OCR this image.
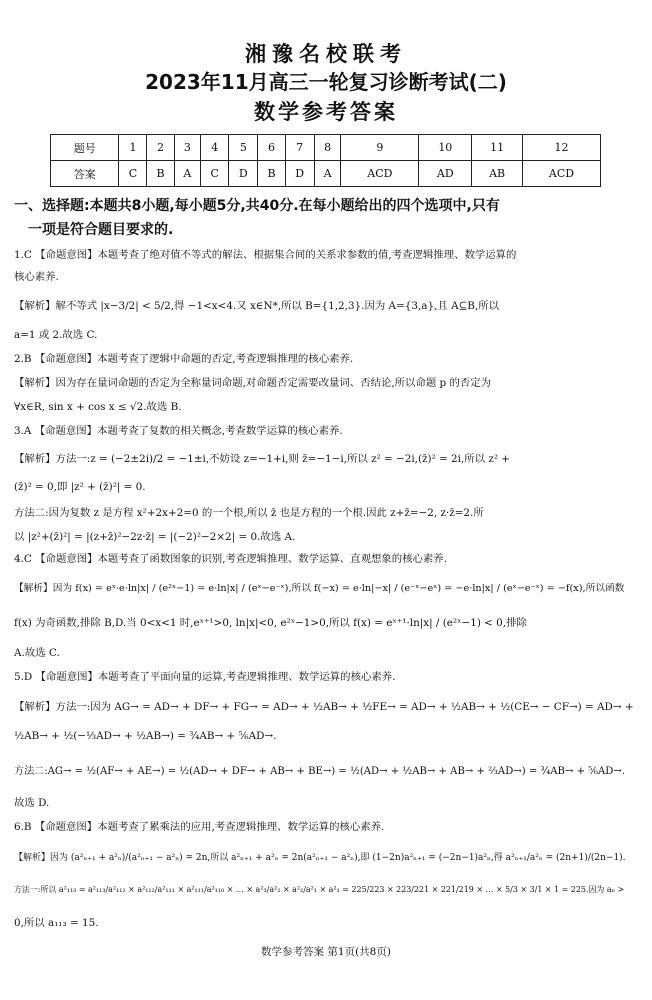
湘豫名校联考
2023年11月高三一轮复习诊断考试(二)
数学参考答案
题号	1	2	3	4	5	6	7	8	9	10	11	12
答案	C	B	A	C	D	B	D	A	ACD	AD	AB	ACD
一、选择题:本题共8小题,每小题5分,共40分.在每小题给出的四个选项中,只有
一项是符合题目要求的.
1.C 【命题意图】本题考查了绝对值不等式的解法、根据集合间的关系求参数的值,考查逻辑推理、数学运算的
核心素养.
【解析】解不等式 |x−3/2| < 5/2,得 −1<x<4.又 x∈N*,所以 B={1,2,3}.因为 A={3,a},且 A⊆B,所以
a=1 或 2.故选 C.
2.B 【命题意图】本题考查了逻辑中命题的否定,考查逻辑推理的核心素养.
【解析】因为存在量词命题的否定为全称量词命题,对命题否定需要改量词、否结论,所以命题 p 的否定为
∀x∈R, sin x + cos x ≤ √2.故选 B.
3.A 【命题意图】本题考查了复数的相关概念,考查数学运算的核心素养.
【解析】方法一:z = (−2±2i)/2 = −1±i,不妨设 z=−1+i,则 z̄=−1−i,所以 z² = −2i,(z̄)² = 2i,所以 z² +
(z̄)² = 0,即 |z² + (z̄)²| = 0.
方法二:因为复数 z 是方程 x²+2x+2=0 的一个根,所以 z̄ 也是方程的一个根.因此 z+z̄=−2, z·z̄=2.所
以 |z²+(z̄)²| = |(z+z̄)²−2z·z̄| = |(−2)²−2×2| = 0.故选 A.
4.C 【命题意图】本题考查了函数图象的识别,考查逻辑推理、数学运算、直观想象的核心素养.
【解析】因为 f(x) = eˣ·e·ln|x| / (e²ˣ−1) = e·ln|x| / (eˣ−e⁻ˣ),所以 f(−x) = e·ln|−x| / (e⁻ˣ−eˣ) = −e·ln|x| / (eˣ−e⁻ˣ) = −f(x),所以函数
f(x) 为奇函数,排除 B,D.当 0<x<1 时,eˣ⁺¹>0, ln|x|<0, e²ˣ−1>0,所以 f(x) = eˣ⁺¹·ln|x| / (e²ˣ−1) < 0,排除
A.故选 C.
5.D 【命题意图】本题考查了平面向量的运算,考查逻辑推理、数学运算的核心素养.
【解析】方法一:因为 AG→ = AD→ + DF→ + FG→ = AD→ + ½AB→ + ½FE→ = AD→ + ½AB→ + ½(CE→ − CF→) = AD→ +
½AB→ + ½(−⅓AD→ + ½AB→) = ¾AB→ + ⅚AD→.
方法二:AG→ = ½(AF→ + AE→) = ½(AD→ + DF→ + AB→ + BE→) = ½(AD→ + ½AB→ + AB→ + ⅔AD→) = ¾AB→ + ⅚AD→.
故选 D.
6.B 【命题意图】本题考查了累乘法的应用,考查逻辑推理、数学运算的核心素养.
【解析】因为 (a²ₙ₊₁ + a²ₙ)/(a²ₙ₊₁ − a²ₙ) = 2n,所以 a²ₙ₊₁ + a²ₙ = 2n(a²ₙ₊₁ − a²ₙ),即 (1−2n)a²ₙ₊₁ = (−2n−1)a²ₙ,得 a²ₙ₊₁/a²ₙ = (2n+1)/(2n−1).
方法一:所以 a²₁₁₃ = a²₁₁₃/a²₁₁₂ × a²₁₁₂/a²₁₁₁ × a²₁₁₁/a²₁₁₀ × … × a²₃/a²₂ × a²₂/a²₁ × a²₁ = 225/223 × 223/221 × 221/219 × … × 5/3 × 3/1 × 1 = 225.因为 aₙ >
0,所以 a₁₁₃ = 15.
数学参考答案 第1页(共8页)
